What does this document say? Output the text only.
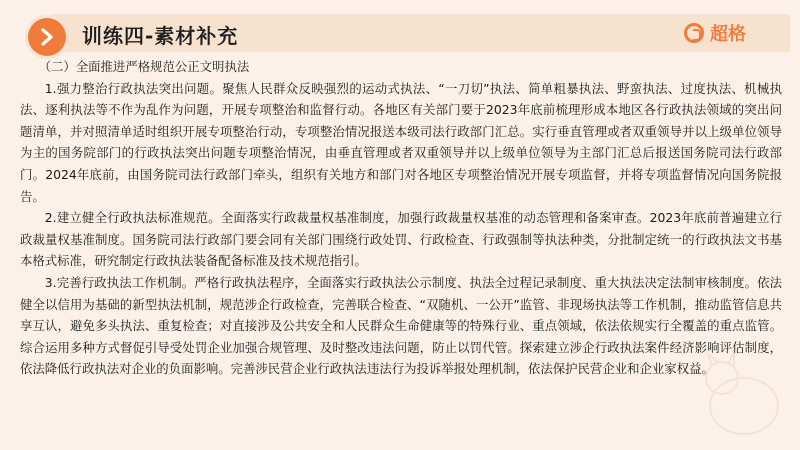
训练四-素材补充	超格

（二）全面推进严格规范公正文明执法

1.强力整治行政执法突出问题。聚焦人民群众反映强烈的运动式执法、“一刀切”执法、简单粗暴执法、野蛮执法、过度执法、机械执法、逐利执法等不作为乱作为问题，开展专项整治和监督行动。各地区有关部门要于2023年底前梳理形成本地区各行政执法领域的突出问题清单，并对照清单适时组织开展专项整治行动，专项整治情况报送本级司法行政部门汇总。实行垂直管理或者双重领导并以上级单位领导为主的国务院部门的行政执法突出问题专项整治情况，由垂直管理或者双重领导并以上级单位领导为主部门汇总后报送国务院司法行政部门。2024年底前，由国务院司法行政部门牵头，组织有关地方和部门对各地区专项整治情况开展专项监督，并将专项监督情况向国务院报告。

2.建立健全行政执法标准规范。全面落实行政裁量权基准制度，加强行政裁量权基准的动态管理和备案审查。2023年底前普遍建立行政裁量权基准制度。国务院司法行政部门要会同有关部门围绕行政处罚、行政检查、行政强制等执法种类，分批制定统一的行政执法文书基本格式标准，研究制定行政执法装备配备标准及技术规范指引。

3.完善行政执法工作机制。严格行政执法程序，全面落实行政执法公示制度、执法全过程记录制度、重大执法决定法制审核制度。依法健全以信用为基础的新型执法机制，规范涉企行政检查，完善联合检查、“双随机、一公开”监管、非现场执法等工作机制，推动监管信息共享互认，避免多头执法、重复检查；对直接涉及公共安全和人民群众生命健康等的特殊行业、重点领域，依法依规实行全覆盖的重点监管。综合运用多种方式督促引导受处罚企业加强合规管理、及时整改违法问题，防止以罚代管。探索建立涉企行政执法案件经济影响评估制度，依法降低行政执法对企业的负面影响。完善涉民营企业行政执法违法行为投诉举报处理机制，依法保护民营企业和企业家权益。
